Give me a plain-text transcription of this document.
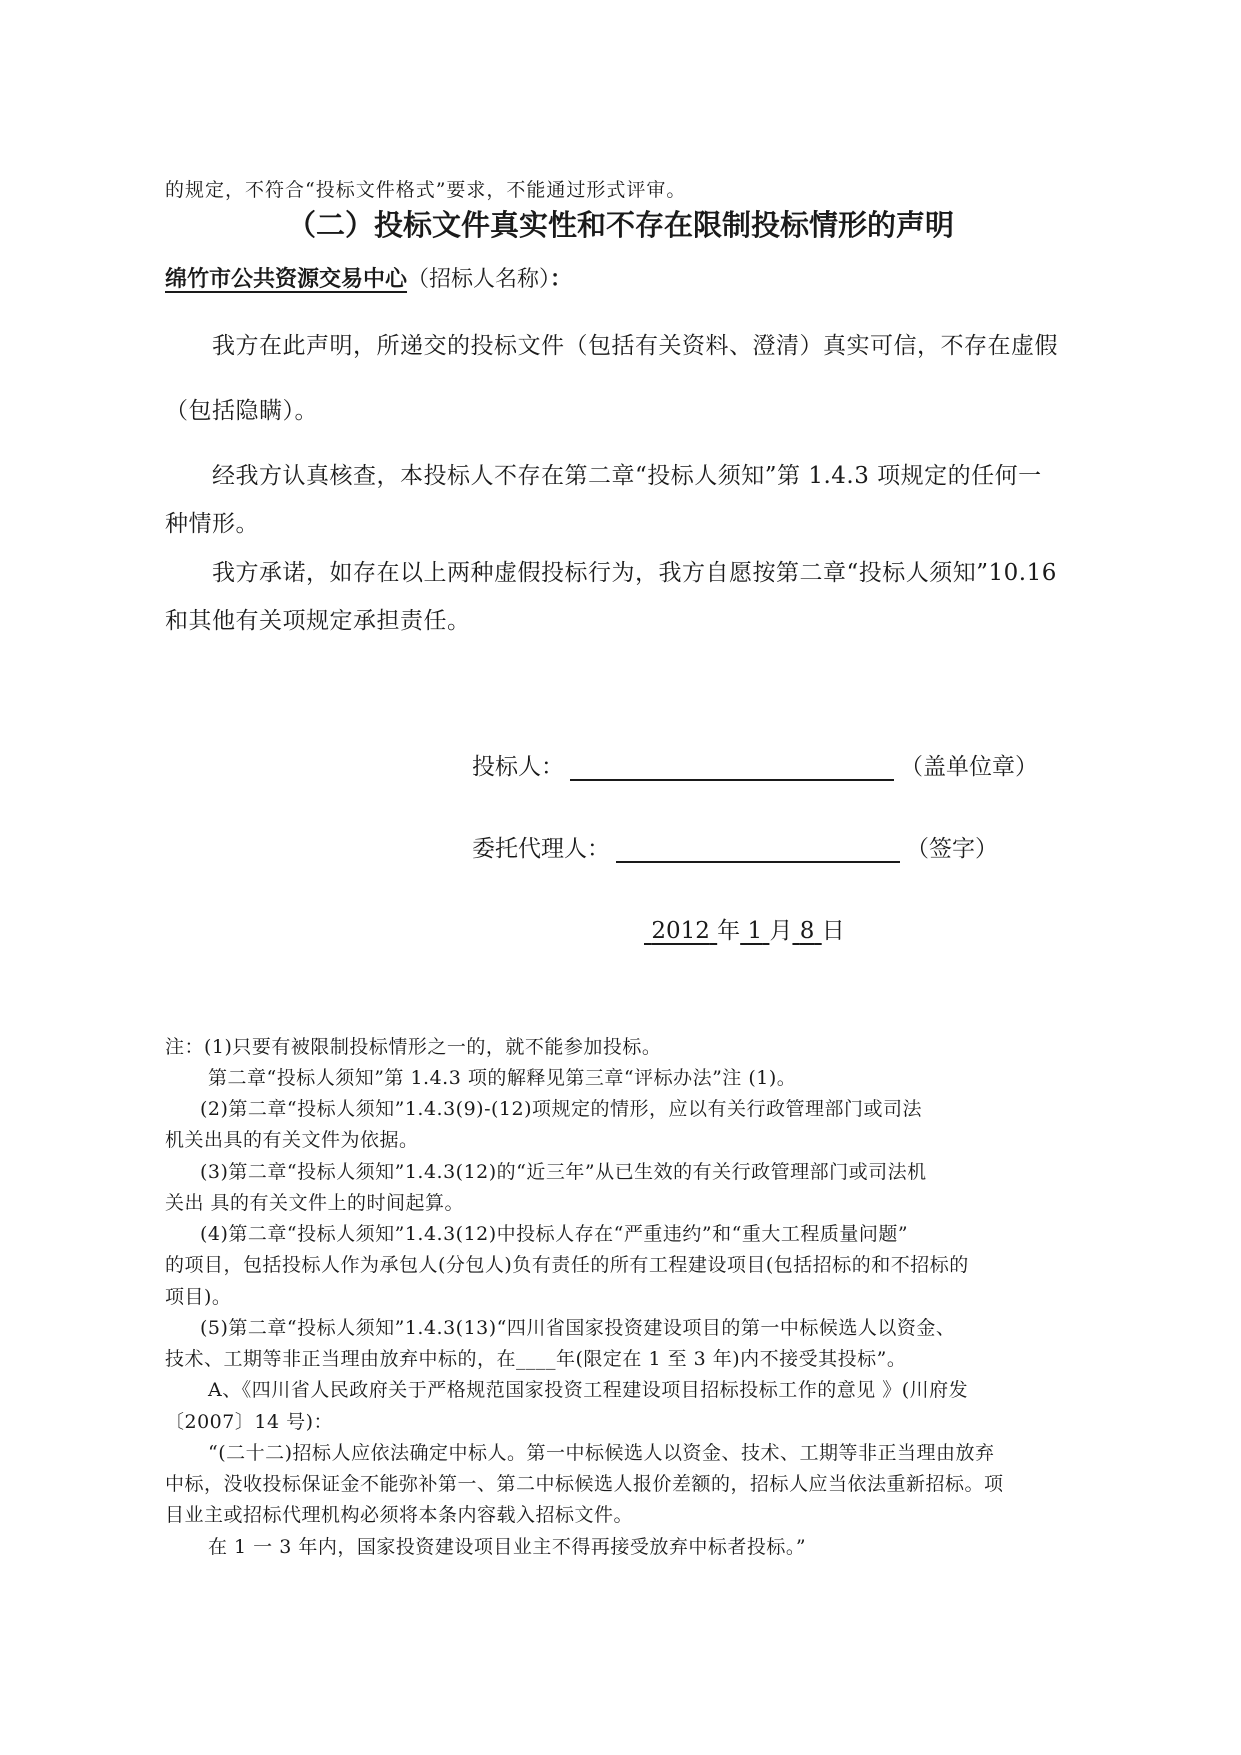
的规定，不符合“投标文件格式”要求，不能通过形式评审。
（二）投标文件真实性和不存在限制投标情形的声明
绵竹市公共资源交易中心（招标人名称）：
我方在此声明，所递交的投标文件（包括有关资料、澄清）真实可信，不存在虚假
（包括隐瞒）。
经我方认真核查，本投标人不存在第二章“投标人须知”第 1.4.3 项规定的任何一
种情形。
我方承诺，如存在以上两种虚假投标行为，我方自愿按第二章“投标人须知”10.16
和其他有关项规定承担责任。
投标人：	（盖单位章）
委托代理人：	（签字）
2012 年 1 月 8 日
注：(1)只要有被限制投标情形之一的，就不能参加投标。
第二章“投标人须知”第 1.4.3 项的解释见第三章“评标办法”注 (1)。
(2)第二章“投标人须知”1.4.3(9)-(12)项规定的情形，应以有关行政管理部门或司法
机关出具的有关文件为依据。
(3)第二章“投标人须知”1.4.3(12)的“近三年”从已生效的有关行政管理部门或司法机
关出 具的有关文件上的时间起算。
(4)第二章“投标人须知”1.4.3(12)中投标人存在“严重违约”和“重大工程质量问题”
的项目，包括投标人作为承包人(分包人)负有责任的所有工程建设项目(包括招标的和不招标的
项目)。
(5)第二章“投标人须知”1.4.3(13)“四川省国家投资建设项目的第一中标候选人以资金、
技术、工期等非正当理由放弃中标的，在____年(限定在 1 至 3 年)内不接受其投标”。
A、《四川省人民政府关于严格规范国家投资工程建设项目招标投标工作的意见 》(川府发
〔2007〕14 号)：
“(二十二)招标人应依法确定中标人。第一中标候选人以资金、技术、工期等非正当理由放弃
中标，没收投标保证金不能弥补第一、第二中标候选人报价差额的，招标人应当依法重新招标。项
目业主或招标代理机构必须将本条内容载入招标文件。
在 1 一 3 年内，国家投资建设项目业主不得再接受放弃中标者投标。”
